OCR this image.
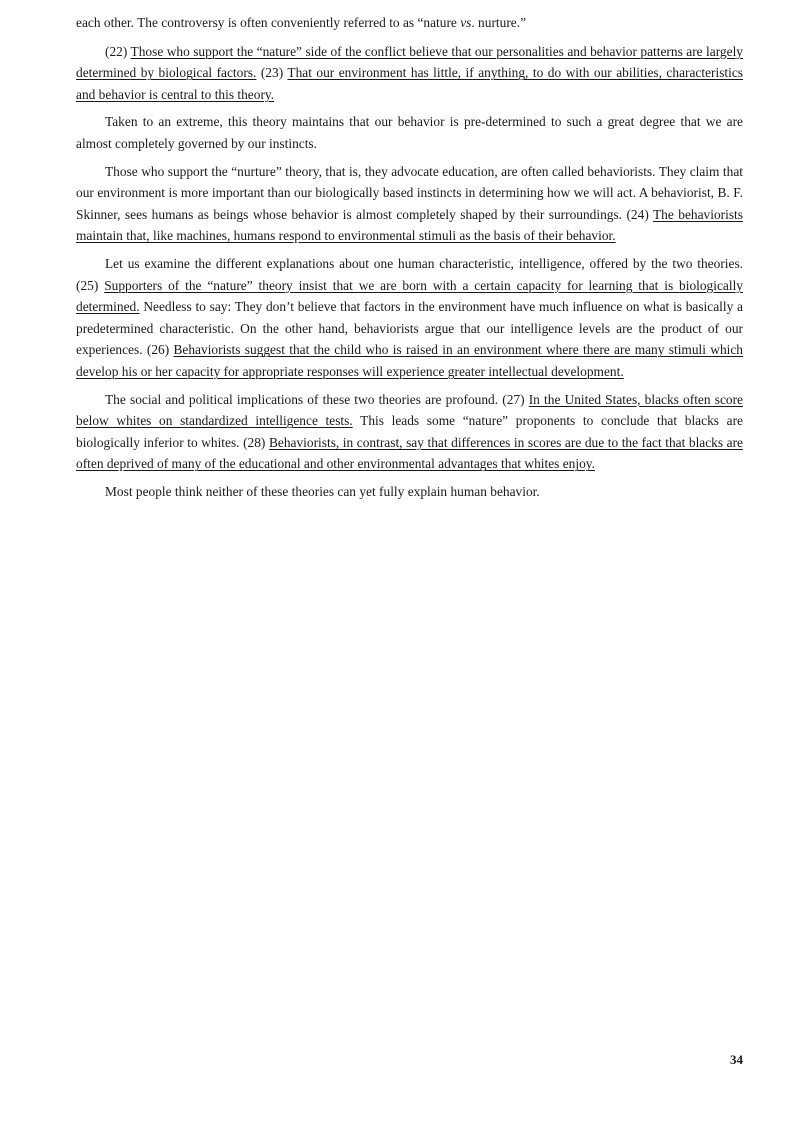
each other. The controversy is often conveniently referred to as “nature vs. nurture.”

(22) Those who support the “nature” side of the conflict believe that our personalities and behavior patterns are largely determined by biological factors. (23) That our environment has little, if anything, to do with our abilities, characteristics and behavior is central to this theory.

Taken to an extreme, this theory maintains that our behavior is pre-determined to such a great degree that we are almost completely governed by our instincts.

Those who support the “nurture” theory, that is, they advocate education, are often called behaviorists. They claim that our environment is more important than our biologically based instincts in determining how we will act. A behaviorist, B. F. Skinner, sees humans as beings whose behavior is almost completely shaped by their surroundings. (24) The behaviorists maintain that, like machines, humans respond to environmental stimuli as the basis of their behavior.

Let us examine the different explanations about one human characteristic, intelligence, offered by the two theories. (25) Supporters of the “nature” theory insist that we are born with a certain capacity for learning that is biologically determined. Needless to say: They don’t believe that factors in the environment have much influence on what is basically a predetermined characteristic. On the other hand, behaviorists argue that our intelligence levels are the product of our experiences. (26) Behaviorists suggest that the child who is raised in an environment where there are many stimuli which develop his or her capacity for appropriate responses will experience greater intellectual development.

The social and political implications of these two theories are profound. (27) In the United States, blacks often score below whites on standardized intelligence tests. This leads some “nature” proponents to conclude that blacks are biologically inferior to whites. (28) Behaviorists, in contrast, say that differences in scores are due to the fact that blacks are often deprived of many of the educational and other environmental advantages that whites enjoy.

Most people think neither of these theories can yet fully explain human behavior.

34
